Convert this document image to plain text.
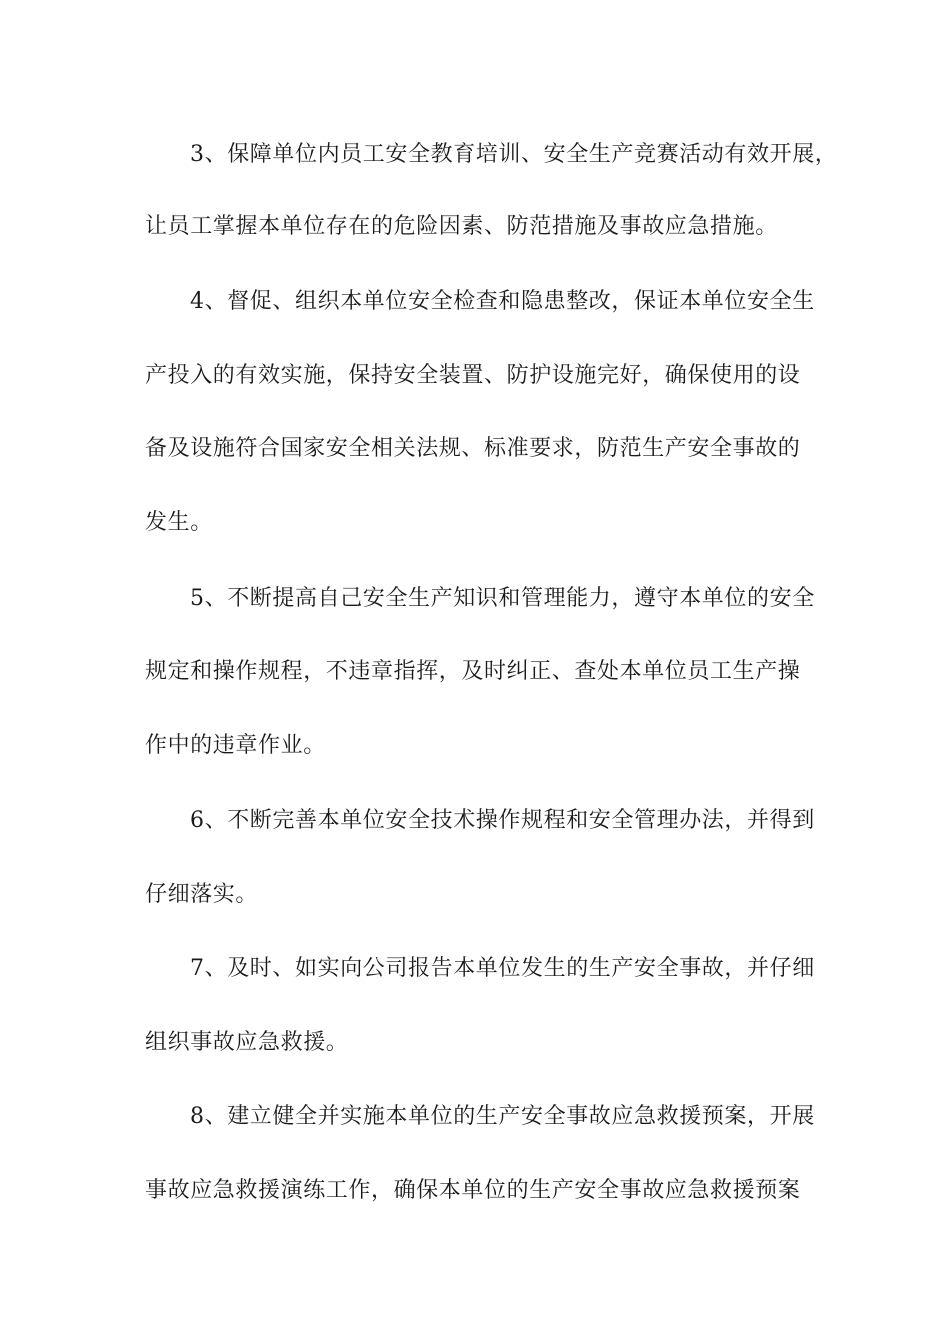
3、保障单位内员工安全教育培训、安全生产竞赛活动有效开展，
让员工掌握本单位存在的危险因素、防范措施及事故应急措施。
4、督促、组织本单位安全检查和隐患整改，保证本单位安全生
产投入的有效实施，保持安全装置、防护设施完好，确保使用的设
备及设施符合国家安全相关法规、标准要求，防范生产安全事故的
发生。
5、不断提高自己安全生产知识和管理能力，遵守本单位的安全
规定和操作规程，不违章指挥，及时纠正、查处本单位员工生产操
作中的违章作业。
6、不断完善本单位安全技术操作规程和安全管理办法，并得到
仔细落实。
7、及时、如实向公司报告本单位发生的生产安全事故，并仔细
组织事故应急救援。
8、建立健全并实施本单位的生产安全事故应急救援预案，开展
事故应急救援演练工作，确保本单位的生产安全事故应急救援预案
